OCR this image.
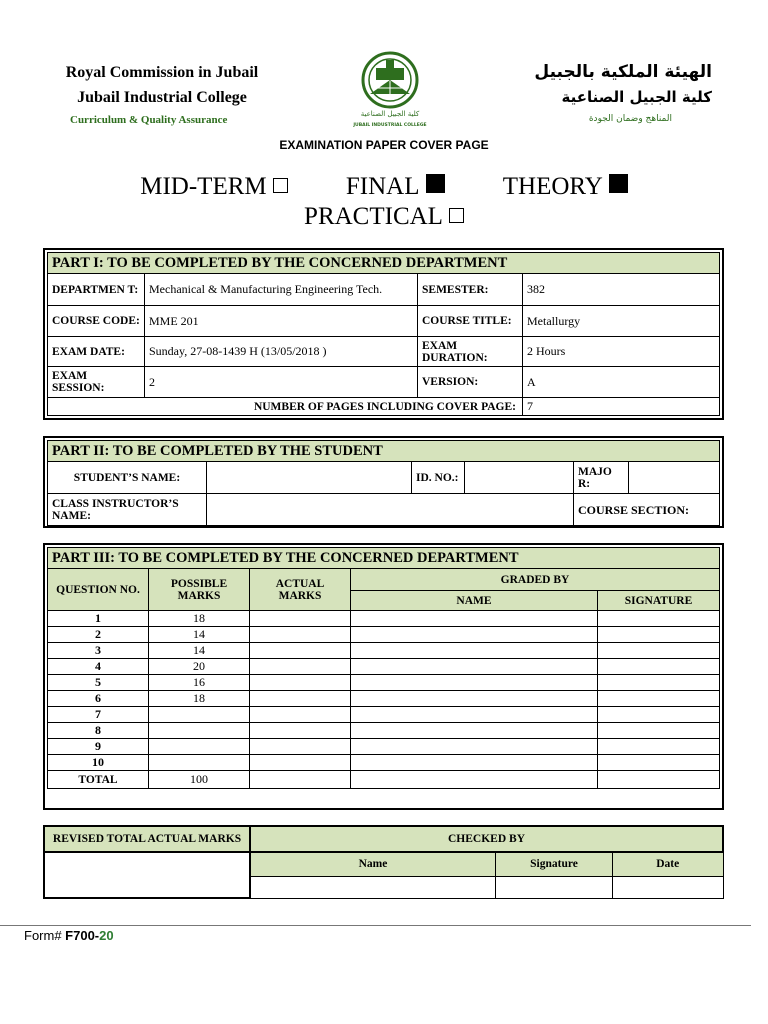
Royal Commission in Jubail
Jubail Industrial College
Curriculum & Quality Assurance	كلية الجبيل الصناعية
JUBAIL INDUSTRIAL COLLEGE
الهيئة الملكية بالجبيل
كلية الجبيل الصناعية
المناهج وضمان الجودة
EXAMINATION PAPER COVER PAGE
MID-TERM	FINAL	THEORY
PRACTICAL
PART I: TO BE COMPLETED BY THE CONCERNED DEPARTMENT			
DEPARTMEN T:	Mechanical & Manufacturing Engineering Tech.	SEMESTER:	382
COURSE CODE:	MME 201	COURSE TITLE:	Metallurgy
EXAM DATE:	Sunday, 27-08-1439 H (13/05/2018 )	EXAM DURATION:	2 Hours
EXAM SESSION:	2	VERSION:	A
NUMBER OF PAGES INCLUDING COVER PAGE:			7
PART II: TO BE COMPLETED BY THE STUDENT					
STUDENT’S NAME:		ID. NO.:		MAJO R:	
CLASS INSTRUCTOR’S NAME:				COURSE SECTION:	
PART III: TO BE COMPLETED BY THE CONCERNED DEPARTMENT				
QUESTION NO.	POSSIBLE MARKS	ACTUAL MARKS	GRADED BY	
			NAME	SIGNATURE
1	18			
2	14			
3	14			
4	20			
5	16			
6	18			
7				
8				
9				
10				
TOTAL	100			
REVISED TOTAL ACTUAL MARKS	CHECKED BY		
	Name	Signature	Date

Form# F700-20
